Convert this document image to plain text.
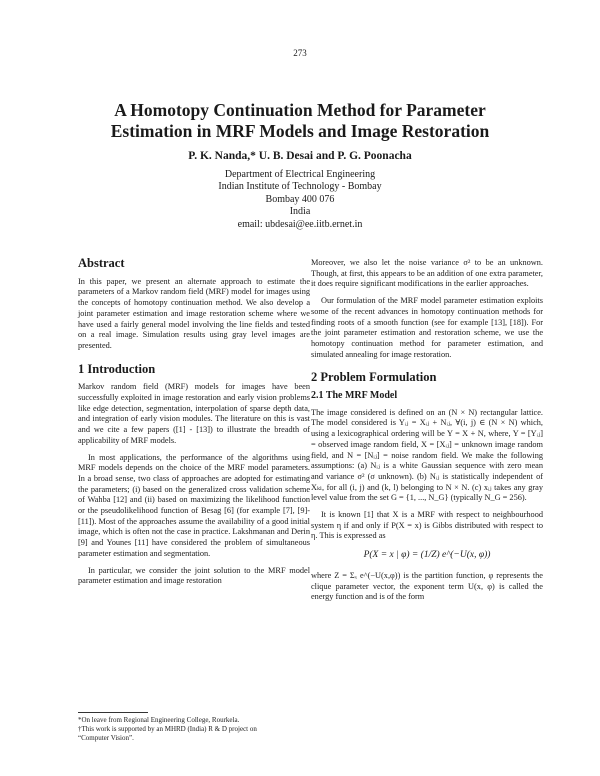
273
A Homotopy Continuation Method for Parameter
Estimation in MRF Models and Image Restoration
P. K. Nanda,* U. B. Desai and P. G. Poonacha
Department of Electrical Engineering
Indian Institute of Technology - Bombay
Bombay 400 076
India
email: ubdesai@ee.iitb.ernet.in
Abstract

In this paper, we present an alternate approach to estimate the parameters of a Markov random field (MRF) model for images using the concepts of homotopy continuation method. We also develop a joint parameter estimation and image restoration scheme where we have used a fairly general model involving the line fields and tested on a real image. Simulation results using gray level images are presented.

1 Introduction

Markov random field (MRF) models for images have been successfully exploited in image restoration and early vision problems like edge detection, segmentation, interpolation of sparse depth data, and integration of early vision modules. The literature on this is vast and we cite a few papers ([1] - [13]) to illustrate the breadth of applicability of MRF models.

In most applications, the performance of the algorithms using MRF models depends on the choice of the MRF model parameters. In a broad sense, two class of approaches are adopted for estimating the parameters; (i) based on the generalized cross validation scheme of Wahba [12] and (ii) based on maximizing the likelihood function or the pseudolikelihood function of Besag [6] (for example [7], [9]- [11]). Most of the approaches assume the availability of a good initial image, which is often not the case in practice. Lakshmanan and Derin [9] and Younes [11] have considered the problem of simultaneous parameter estimation and segmentation.

In particular, we consider the joint solution to the MRF model parameter estimation and image restoration

*On leave from Regional Engineering College, Rourkela.
†This work is supported by an MHRD (India) R & D project on
“Computer Vision”.

Moreover, we also let the noise variance σ² to be an unknown. Though, at first, this appears to be an addition of one extra parameter, it does require significant modifications in the earlier approaches.

Our formulation of the MRF model parameter estimation exploits some of the recent advances in homotopy continuation methods for finding roots of a smooth function (see for example [13], [18]). For the joint parameter estimation and restoration scheme, we use the homotopy continuation method for parameter estimation, and simulated annealing for image restoration.

2 Problem Formulation
2.1 The MRF Model

The image considered is defined on an (N × N) rectangular lattice. The model considered is Yᵢⱼ = Xᵢⱼ + Nᵢⱼ, ∀(i, j) ∈ (N × N) which, using a lexicographical ordering will be Y = X + N, where, Y = [Yᵢⱼ] = observed image random field, X = [Xᵢⱼ] = unknown image random field, and N = [Nᵢⱼ] = noise random field. We make the following assumptions: (a) Nᵢⱼ is a white Gaussian sequence with zero mean and variance σ² (σ unknown). (b) Nᵢⱼ is statistically independent of Xₖₗ, for all (i, j) and (k, l) belonging to N × N. (c) xᵢⱼ takes any gray level value from the set G = {1, ..., N_G} (typically N_G = 256).

It is known [1] that X is a MRF with respect to neighbourhood system η if and only if P(X = x) is Gibbs distributed with respect to η. This is expressed as

P(X = x | φ) = (1/Z) e^(−U(x, φ))

where Z = Σₓ e^(−U(x,φ)) is the partition function, φ represents the clique parameter vector, the exponent term U(x, φ) is called the energy function and is of the form
